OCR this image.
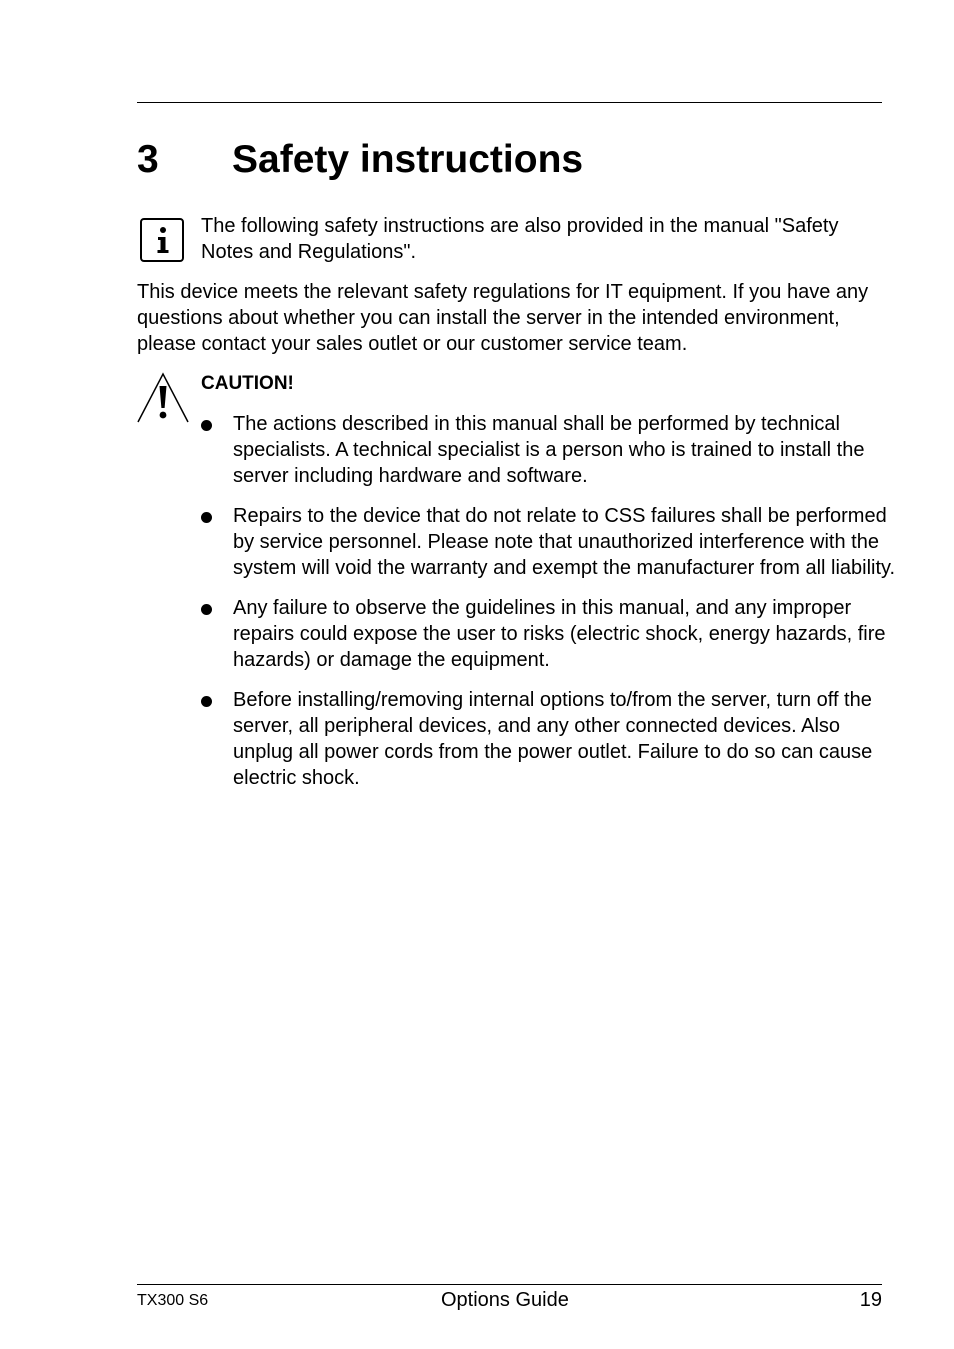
3 Safety instructions
The following safety instructions are also provided in the manual "Safety Notes and Regulations".
This device meets the relevant safety regulations for IT equipment. If you have any questions about whether you can install the server in the intended environment, please contact your sales outlet or our customer service team.
CAUTION!
The actions described in this manual shall be performed by technical specialists. A technical specialist is a person who is trained to install the server including hardware and software.
Repairs to the device that do not relate to CSS failures shall be performed by service personnel. Please note that unauthorized interference with the system will void the warranty and exempt the manufacturer from all liability.
Any failure to observe the guidelines in this manual, and any improper repairs could expose the user to risks (electric shock, energy hazards, fire hazards) or damage the equipment.
Before installing/removing internal options to/from the server, turn off the server, all peripheral devices, and any other connected devices. Also unplug all power cords from the power outlet. Failure to do so can cause electric shock.
TX300 S6	Options Guide	19
